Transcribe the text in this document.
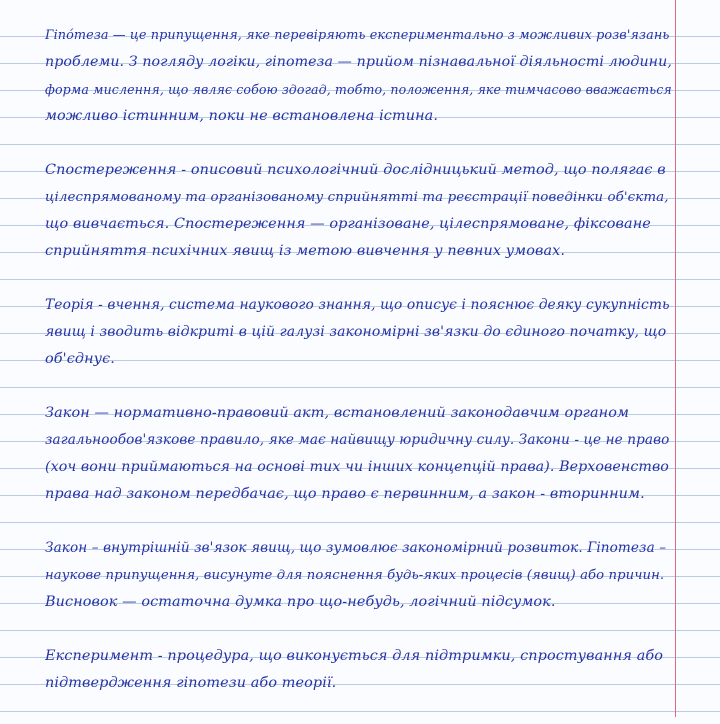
Гіпо́теза — це припущення, яке перевіряють експериментально з можливих розв'язань
проблеми. З погляду логіки, гіпотеза — прийом пізнавальної діяльності людини,
форма мислення, що являє собою здогад, тобто, положення, яке тимчасово вважається
можливо істинним, поки не встановлена істина.
Спостереження - описовий психологічний дослідницький метод, що полягає в
цілеспрямованому та організованому сприйнятті та реєстрації поведінки об'єкта,
що вивчається. Спостереження — організоване, цілеспрямоване, фіксоване
сприйняття психічних явищ із метою вивчення у певних умовах.
Теорія - вчення, система наукового знання, що описує і пояснює деяку сукупність
явищ і зводить відкриті в цій галузі закономірні зв'язки до єдиного початку, що
об'єднує.
Закон — нормативно-правовий акт, встановлений законодавчим органом
загальнообов'язкове правило, яке має найвищу юридичну силу. Закони - це не право
(хоч вони приймаються на основі тих чи інших концепцій права). Верховенство
права над законом передбачає, що право є первинним, а закон - вторинним.
Закон – внутрішній зв'язок явищ, що зумовлює закономірний розвиток. Гіпотеза –
наукове припущення, висунуте для пояснення будь-яких процесів (явищ) або причин.
Висновок — остаточна думка про що-небудь, логічний підсумок.
Експеримент - процедура, що виконується для підтримки, спростування або
підтвердження гіпотези або теорії.
